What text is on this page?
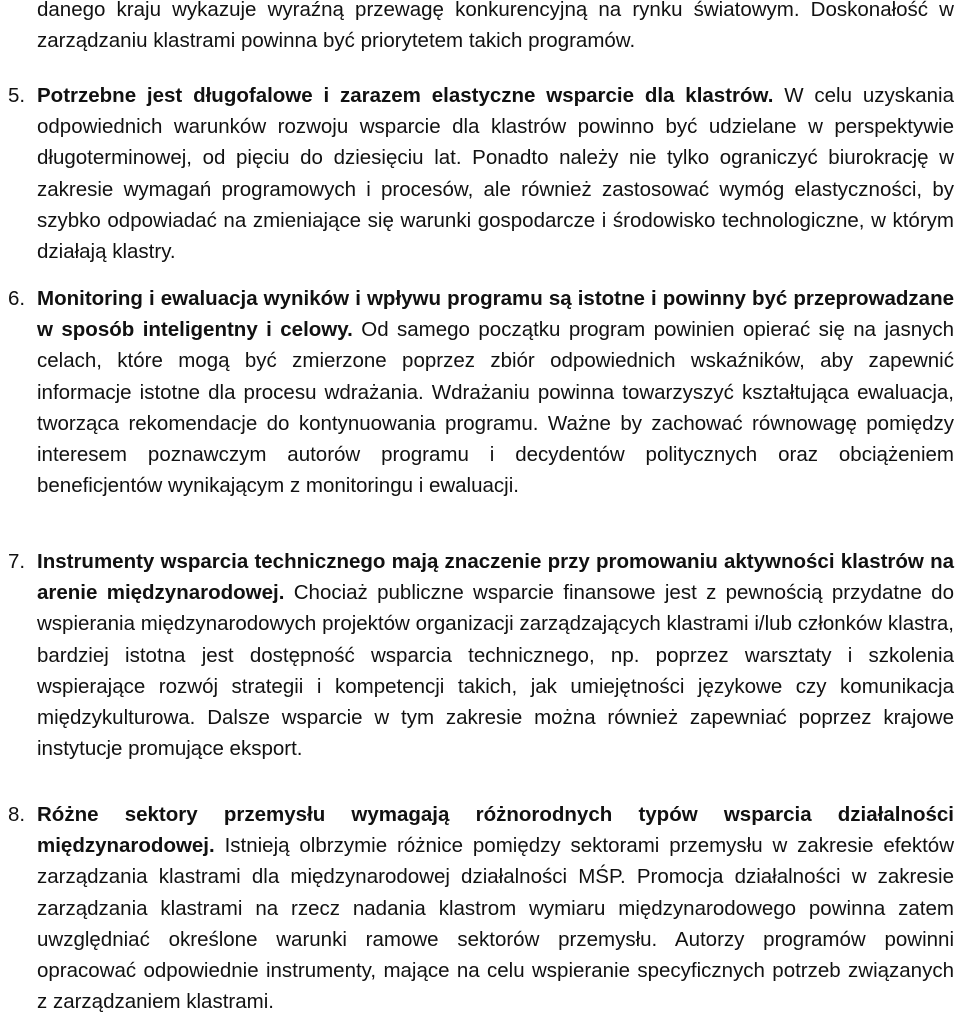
danego kraju wykazuje wyraźną przewagę konkurencyjną na rynku światowym. Doskonałość w zarządzaniu klastrami powinna być priorytetem takich programów.
5. Potrzebne jest długofalowe i zarazem elastyczne wsparcie dla klastrów. W celu uzyskania odpowiednich warunków rozwoju wsparcie dla klastrów powinno być udzielane w perspektywie długoterminowej, od pięciu do dziesięciu lat. Ponadto należy nie tylko ograniczyć biurokrację w zakresie wymagań programowych i procesów, ale również zastosować wymóg elastyczności, by szybko odpowiadać na zmieniające się warunki gospodarcze i środowisko technologiczne, w którym działają klastry.
6. Monitoring i ewaluacja wyników i wpływu programu są istotne i powinny być przeprowadzane w sposób inteligentny i celowy. Od samego początku program powinien opierać się na jasnych celach, które mogą być zmierzone poprzez zbiór odpowiednich wskaźników, aby zapewnić informacje istotne dla procesu wdrażania. Wdrażaniu powinna towarzyszyć kształtująca ewaluacja, tworząca rekomendacje do kontynuowania programu. Ważne by zachować równowagę pomiędzy interesem poznawczym autorów programu i decydentów politycznych oraz obciążeniem beneficjentów wynikającym z monitoringu i ewaluacji.
7. Instrumenty wsparcia technicznego mają znaczenie przy promowaniu aktywności klastrów na arenie międzynarodowej. Chociaż publiczne wsparcie finansowe jest z pewnością przydatne do wspierania międzynarodowych projektów organizacji zarządzających klastrami i/lub członków klastra, bardziej istotna jest dostępność wsparcia technicznego, np. poprzez warsztaty i szkolenia wspierające rozwój strategii i kompetencji takich, jak umiejętności językowe czy komunikacja międzykulturowa. Dalsze wsparcie w tym zakresie można również zapewniać poprzez krajowe instytucje promujące eksport.
8. Różne sektory przemysłu wymagają różnorodnych typów wsparcia działalności międzynarodowej. Istnieją olbrzymie różnice pomiędzy sektorami przemysłu w zakresie efektów zarządzania klastrami dla międzynarodowej działalności MŚP. Promocja działalności w zakresie zarządzania klastrami na rzecz nadania klastrom wymiaru międzynarodowego powinna zatem uwzględniać określone warunki ramowe sektorów przemysłu. Autorzy programów powinni opracować odpowiednie instrumenty, mające na celu wspieranie specyficznych potrzeb związanych z zarządzaniem klastrami.
